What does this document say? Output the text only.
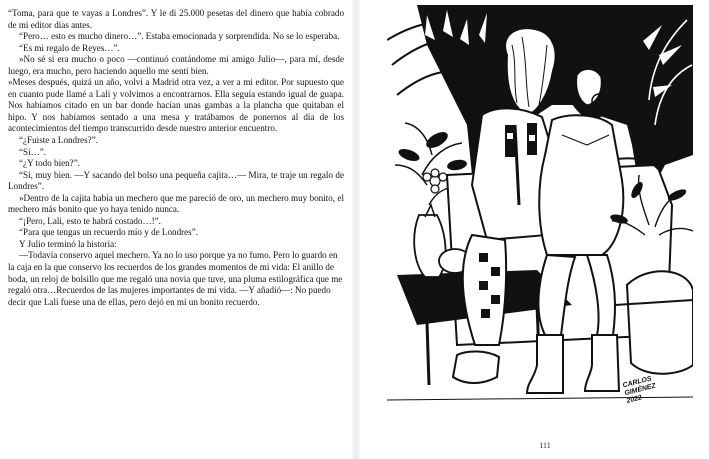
“Toma, para que te vayas a Londres”. Y le di 25.000 pesetas del dinero que había cobrado de mi editor días antes.

“Pero… esto es mucho dinero…”. Estaba emocionada y sorprendida. No se lo esperaba.

“Es mi regalo de Reyes…”.

»No sé si era mucho o poco —continuó contándome mi amigo Julio—, para mí, desde luego, era mucho, pero haciendo aquello me sentí bien.

»Meses después, quizá un año, volví a Madrid otra vez, a ver a mi editor. Por supuesto que en cuanto pude llamé a Lali y volvimos a encontrarnos. Ella seguía estando igual de guapa. Nos habíamos citado en un bar donde hacían unas gambas a la plancha que quitaban el hipo. Y nos habíamos sentado a una mesa y tratábamos de ponernos al día de los acontecimientos del tiempo transcurrido desde nuestro anterior encuentro.

“¿Fuiste a Londres?”.

“Sí…”.

“¿Y todo bien?”.

“Sí, muy bien. —Y sacando del bolso una pequeña cajita…— Mira, te traje un regalo de Londres”.

»Dentro de la cajita había un mechero que me pareció de oro, un mechero muy bonito, el mechero más bonito que yo haya tenido nunca.

“¡Pero, Lali, esto te habrá costado…!”.

“Para que tengas un recuerdo mío y de Londres”.

Y Julio terminó la historia:

—Todavía conservo aquel mechero. Ya no lo uso porque ya no fumo. Pero lo guardo en la caja en la que conservo los recuerdos de los grandes momentos de mi vida: El anillo de boda, un reloj de bolsillo que me regaló una novia que tuve, una pluma estilográfica que me regaló otra…Recuerdos de las mujeres importantes de mi vida. —Y añadió—: No puedo decir que Lali fuese una de ellas, pero dejó en mí un bonito recuerdo.

CARLOS GIMÉNEZ
2022
111
